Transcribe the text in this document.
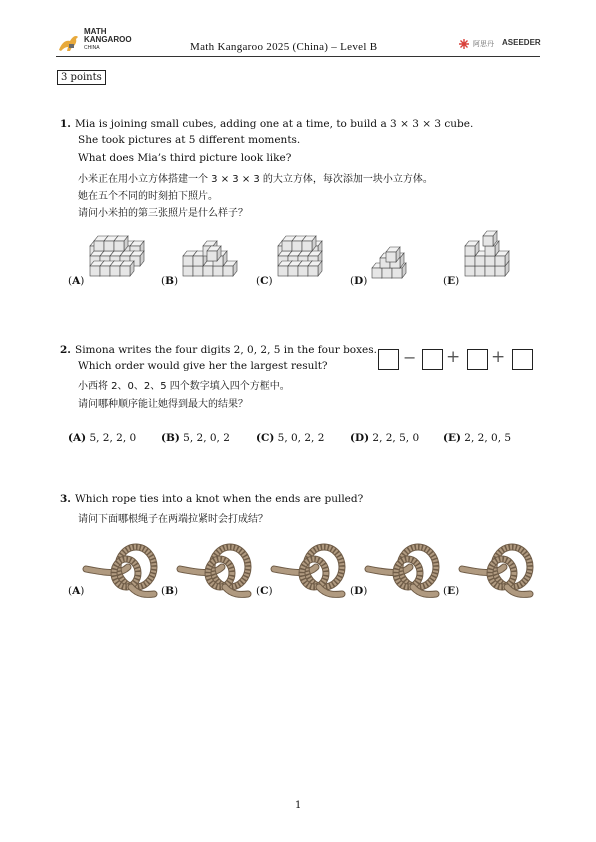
MATH
KANGAROO
CHINA	Math Kangaroo 2025 (China) – Level B	阿思丹 ASEEDER
3 points
1. Mia is joining small cubes, adding one at a time, to build a 3 × 3 × 3 cube.
She took pictures at 5 different moments.
What does Mia’s third picture look like?
小米正在用小立方体搭建一个 3 × 3 × 3 的大立方体，每次添加一块小立方体。
她在五个不同的时刻拍下照片。
请问小米拍的第三张照片是什么样子？
(A)	(B)	(C)	(D)	(E)
2. Simona writes the four digits 2, 0, 2, 5 in the four boxes.
Which order would give her the largest result?
小西将 2、0、2、5 四个数字填入四个方框中。
请问哪种顺序能让她得到最大的结果？
− + +
(A) 5, 2, 2, 0 (B) 5, 2, 0, 2 (C) 5, 0, 2, 2 (D) 2, 2, 5, 0 (E) 2, 2, 0, 5
3. Which rope ties into a knot when the ends are pulled?
请问下面哪根绳子在两端拉紧时会打成结？
(A)	(B)	(C)	(D)	(E)
1
